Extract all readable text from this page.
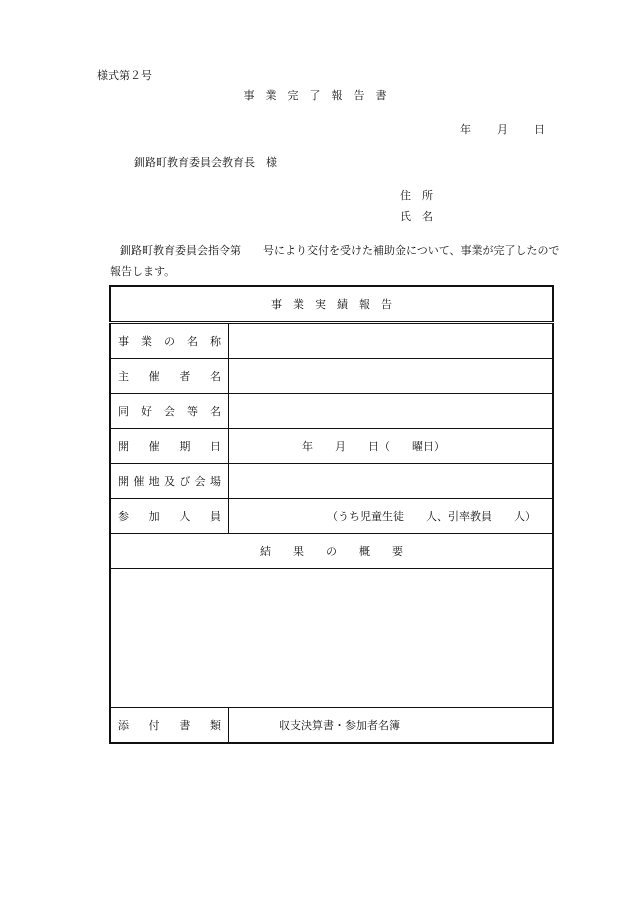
様式第２号
事　業　完　了　報　告　書
年 月 日
釧路町教育委員会教育長　様
住　所
氏　名
釧路町教育委員会指令第　　号により交付を受けた補助金について、事業が完了したので報告します。
事　業　実　績　報　告	
事業の名称	
主催者名	
同好会等名	
開催期日	年　　月　　日（　　曜日）
開催地及び会場	
参加人員	（うち児童生徒　　人、引率教員　　人）
結　　果　　の　　概　　要	

添付書類	収支決算書・参加者名簿
